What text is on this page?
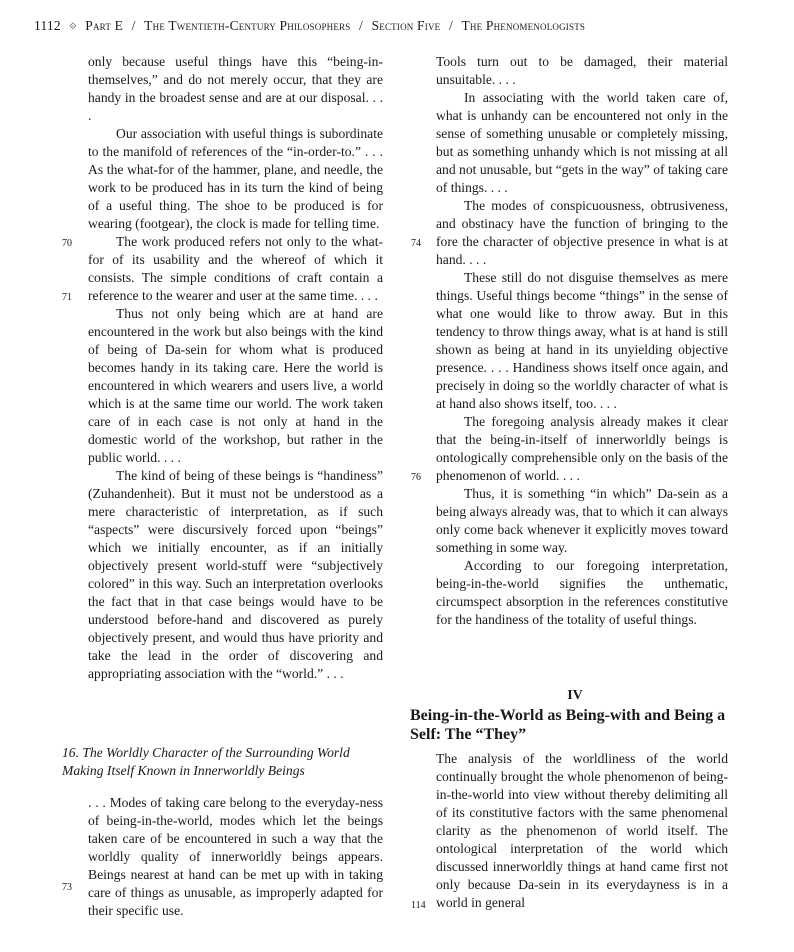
1112 ⟐ Part E / The Twentieth-Century Philosophers / Section Five / The Phenomenologists

only because useful things have this “being-in-themselves,” and do not merely occur, that they are handy in the broadest sense and are at our disposal. . . .

Our association with useful things is subordinate to the manifold of references of the “in-order-to.” . . . As the what-for of the hammer, plane, and needle, the work to be produced has in its turn the kind of being of a useful thing. The shoe to be produced is for wearing (footgear), the clock is made for telling time.

The work produced refers not only to the what-for of its usability and the whereof of which it consists. The simple conditions of craft contain a reference to the wearer and user at the same time. . . .

Thus not only being which are at hand are encountered in the work but also beings with the kind of being of Da-sein for whom what is produced becomes handy in its taking care. Here the world is encountered in which wearers and users live, a world which is at the same time our world. The work taken care of in each case is not only at hand in the domestic world of the workshop, but rather in the public world. . . .

The kind of being of these beings is “handiness” (Zuhandenheit). But it must not be understood as a mere characteristic of interpretation, as if such “aspects” were discursively forced upon “beings” which we initially encounter, as if an initially objectively present world-stuff were “subjectively colored” in this way. Such an interpretation overlooks the fact that in that case beings would have to be understood before-hand and discovered as purely objectively present, and would thus have priority and take the lead in the order of discovering and appropriating association with the “world.” . . .

16. The Worldly Character of the Surrounding World Making Itself Known in Innerworldly Beings

. . . Modes of taking care belong to the everyday-ness of being-in-the-world, modes which let the beings taken care of be encountered in such a way that the worldly quality of innerworldly beings appears. Beings nearest at hand can be met up with in taking care of things as unusable, as improperly adapted for their specific use.

Tools turn out to be damaged, their material unsuitable. . . .

In associating with the world taken care of, what is unhandy can be encountered not only in the sense of something unusable or completely missing, but as something unhandy which is not missing at all and not unusable, but “gets in the way” of taking care of things. . . .

The modes of conspicuousness, obtrusiveness, and obstinacy have the function of bringing to the fore the character of objective presence in what is at hand. . . .

These still do not disguise themselves as mere things. Useful things become “things” in the sense of what one would like to throw away. But in this tendency to throw things away, what is at hand is still shown as being at hand in its unyielding objective presence. . . . Handiness shows itself once again, and precisely in doing so the worldly character of what is at hand also shows itself, too. . . .

The foregoing analysis already makes it clear that the being-in-itself of innerworldly beings is ontologically comprehensible only on the basis of the phenomenon of world. . . .

Thus, it is something “in which” Da-sein as a being always already was, that to which it can always only come back whenever it explicitly moves toward something in some way.

According to our foregoing interpretation, being-in-the-world signifies the unthematic, circumspect absorption in the references constitutive for the handiness of the totality of useful things.

IV
Being-in-the-World as Being-with and Being a Self: The “They”

The analysis of the worldliness of the world continually brought the whole phenomenon of being-in-the-world into view without thereby delimiting all of its constitutive factors with the same phenomenal clarity as the phenomenon of world itself. The ontological interpretation of the world which discussed innerworldly things at hand came first not only because Da-sein in its everydayness is in a world in general

70
71
73
74
76
114
